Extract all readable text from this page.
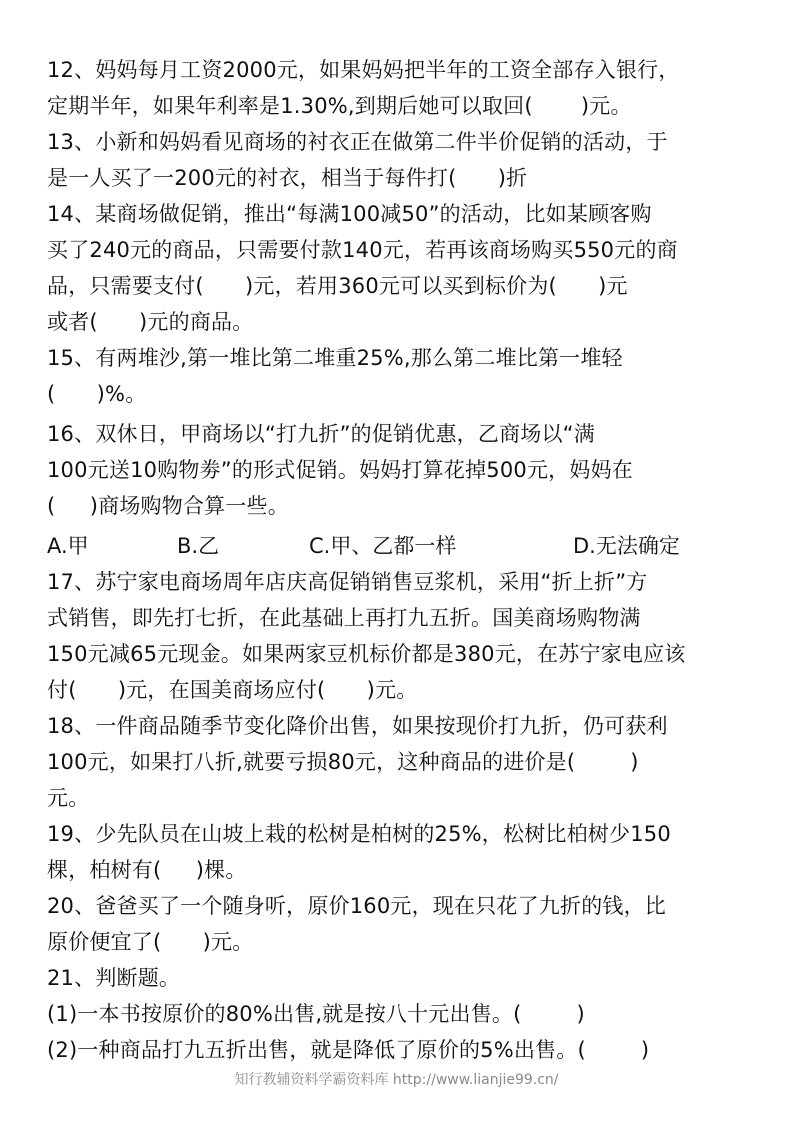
12、妈妈每月工资2000元，如果妈妈把半年的工资全部存入银行，
定期半年，如果年利率是1.30%,到期后她可以取回(       )元。
13、小新和妈妈看见商场的衬衣正在做第二件半价促销的活动，于
是一人买了一200元的衬衣，相当于每件打(      )折
14、某商场做促销，推出“每满100减50”的活动，比如某顾客购
买了240元的商品，只需要付款140元，若再该商场购买550元的商
品，只需要支付(      )元，若用360元可以买到标价为(      )元
或者(      )元的商品。
15、有两堆沙,第一堆比第二堆重25%,那么第二堆比第一堆轻
(      )%。
16、双休日，甲商场以“打九折”的促销优惠，乙商场以“满
100元送10购物劵”的形式促销。妈妈打算花掉500元，妈妈在
(     )商场购物合算一些。
A.甲	B.乙	C.甲、乙都一样	D.无法确定
17、苏宁家电商场周年店庆高促销销售豆浆机，采用“折上折”方
式销售，即先打七折，在此基础上再打九五折。国美商场购物满
150元减65元现金。如果两家豆机标价都是380元，在苏宁家电应该
付(      )元，在国美商场应付(      )元。
18、一件商品随季节变化降价出售，如果按现价打九折，仍可获利
100元，如果打八折,就要亏损80元，这种商品的进价是(        )
元。
19、少先队员在山坡上栽的松树是柏树的25%，松树比柏树少150
棵，柏树有(     )棵。
20、爸爸买了一个随身听，原价160元，现在只花了九折的钱，比
原价便宜了(      )元。
21、判断题。
(1)一本书按原价的80%出售,就是按八十元出售。(        )
(2)一种商品打九五折出售，就是降低了原价的5%出售。(        )
知行教辅资料学霸资料库 http://www.lianjie99.cn/
